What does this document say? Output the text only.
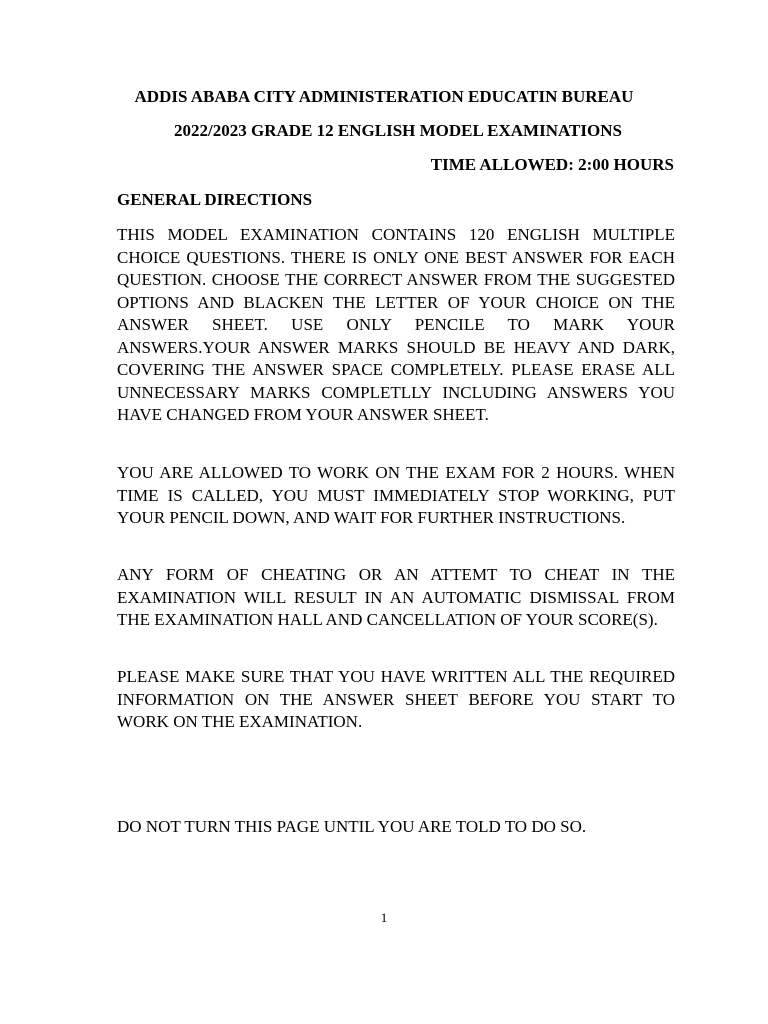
ADDIS ABABA CITY ADMINISTERATION EDUCATIN BUREAU
2022/2023 GRADE 12 ENGLISH MODEL EXAMINATIONS
TIME ALLOWED: 2:00 HOURS
GENERAL DIRECTIONS
THIS MODEL EXAMINATION CONTAINS 120 ENGLISH MULTIPLE CHOICE QUESTIONS. THERE IS ONLY ONE BEST ANSWER FOR EACH QUESTION. CHOOSE THE CORRECT ANSWER FROM THE SUGGESTED OPTIONS AND BLACKEN THE LETTER OF YOUR CHOICE ON THE ANSWER SHEET. USE ONLY PENCILE TO MARK YOUR ANSWERS.YOUR ANSWER MARKS SHOULD BE HEAVY AND DARK, COVERING THE ANSWER SPACE COMPLETELY. PLEASE ERASE ALL UNNECESSARY MARKS COMPLETLLY INCLUDING ANSWERS YOU HAVE CHANGED FROM YOUR ANSWER SHEET.
YOU ARE ALLOWED TO WORK ON THE EXAM FOR 2 HOURS. WHEN TIME IS CALLED, YOU MUST IMMEDIATELY STOP WORKING, PUT YOUR PENCIL DOWN, AND WAIT FOR FURTHER INSTRUCTIONS.
ANY FORM OF CHEATING OR AN ATTEMT TO CHEAT IN THE EXAMINATION WILL RESULT IN AN AUTOMATIC DISMISSAL FROM THE EXAMINATION HALL AND CANCELLATION OF YOUR SCORE(S).
PLEASE MAKE SURE THAT YOU HAVE WRITTEN ALL THE REQUIRED INFORMATION ON THE ANSWER SHEET BEFORE YOU START TO WORK ON THE EXAMINATION.
DO NOT TURN THIS PAGE UNTIL YOU ARE TOLD TO DO SO.
1
